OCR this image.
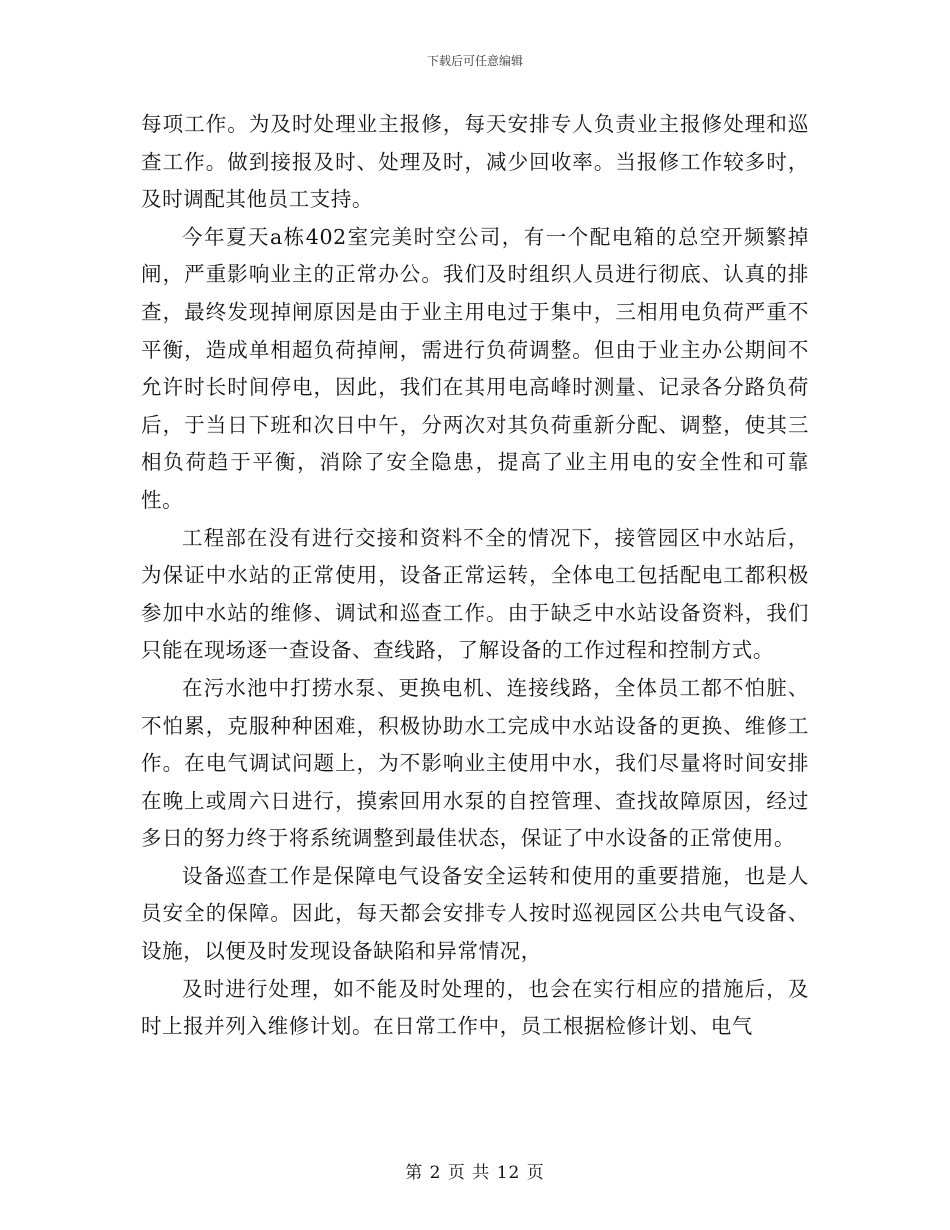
下载后可任意编辑

每项工作。为及时处理业主报修，每天安排专人负责业主报修处理和巡查工作。做到接报及时、处理及时，减少回收率。当报修工作较多时，及时调配其他员工支持。

今年夏天a栋402室完美时空公司，有一个配电箱的总空开频繁掉闸，严重影响业主的正常办公。我们及时组织人员进行彻底、认真的排查，最终发现掉闸原因是由于业主用电过于集中，三相用电负荷严重不平衡，造成单相超负荷掉闸，需进行负荷调整。但由于业主办公期间不允许时长时间停电，因此，我们在其用电高峰时测量、记录各分路负荷后，于当日下班和次日中午，分两次对其负荷重新分配、调整，使其三相负荷趋于平衡，消除了安全隐患，提高了业主用电的安全性和可靠性。

工程部在没有进行交接和资料不全的情况下，接管园区中水站后，为保证中水站的正常使用，设备正常运转，全体电工包括配电工都积极参加中水站的维修、调试和巡查工作。由于缺乏中水站设备资料，我们只能在现场逐一查设备、查线路，了解设备的工作过程和控制方式。

在污水池中打捞水泵、更换电机、连接线路，全体员工都不怕脏、不怕累，克服种种困难，积极协助水工完成中水站设备的更换、维修工作。在电气调试问题上，为不影响业主使用中水，我们尽量将时间安排在晚上或周六日进行，摸索回用水泵的自控管理、查找故障原因，经过多日的努力终于将系统调整到最佳状态，保证了中水设备的正常使用。

设备巡查工作是保障电气设备安全运转和使用的重要措施，也是人员安全的保障。因此，每天都会安排专人按时巡视园区公共电气设备、设施，以便及时发现设备缺陷和异常情况，

及时进行处理，如不能及时处理的，也会在实行相应的措施后，及时上报并列入维修计划。在日常工作中，员工根据检修计划、电气

第 2 页 共 12 页
